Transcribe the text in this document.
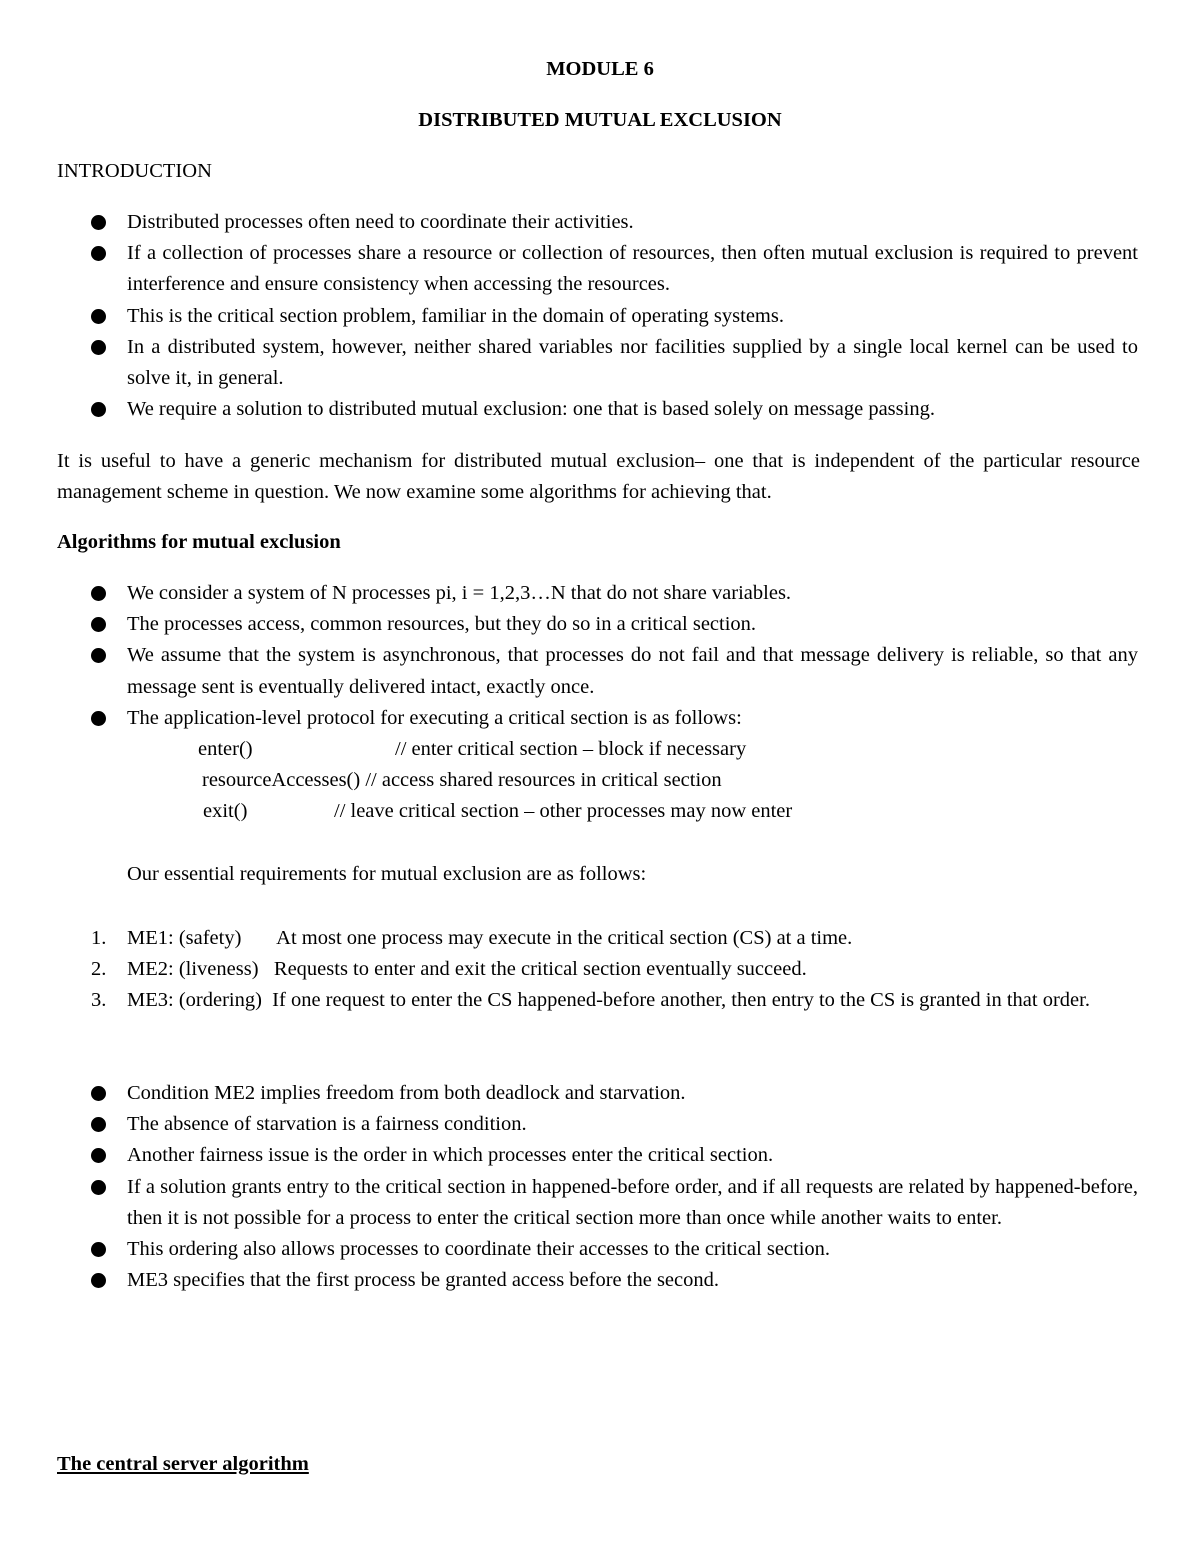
MODULE 6
DISTRIBUTED MUTUAL EXCLUSION
INTRODUCTION
Distributed processes often need to coordinate their activities.
If a collection of processes share a resource or collection of resources, then often mutual exclusion is required to prevent interference and ensure consistency when accessing the resources.
This is the critical section problem, familiar in the domain of operating systems.
In a distributed system, however, neither shared variables nor facilities supplied by a single local kernel can be used to solve it, in general.
We require a solution to distributed mutual exclusion: one that is based solely on message passing.
It is useful to have a generic mechanism for distributed mutual exclusion– one that is independent of the particular resource management scheme in question. We now examine some algorithms for achieving that.
Algorithms for mutual exclusion
We consider a system of N processes pi, i = 1,2,3…N that do not share variables.
The processes access, common resources, but they do so in a critical section.
We assume that the system is asynchronous, that processes do not fail and that message delivery is reliable, so that any message sent is eventually delivered intact, exactly once.
The application-level protocol for executing a critical section is as follows:
enter()	// enter critical section – block if necessary
resourceAccesses() // access shared resources in critical section
exit()	// leave critical section – other processes may now enter
Our essential requirements for mutual exclusion are as follows:
1. ME1: (safety)       At most one process may execute in the critical section (CS) at a time.
2. ME2: (liveness)   Requests to enter and exit the critical section eventually succeed.
3. ME3: (ordering)  If one request to enter the CS happened-before another, then entry to the CS is granted in that order.
Condition ME2 implies freedom from both deadlock and starvation.
The absence of starvation is a fairness condition.
Another fairness issue is the order in which processes enter the critical section.
If a solution grants entry to the critical section in happened-before order, and if all requests are related by happened-before, then it is not possible for a process to enter the critical section more than once while another waits to enter.
This ordering also allows processes to coordinate their accesses to the critical section.
ME3 specifies that the first process be granted access before the second.
The central server algorithm
